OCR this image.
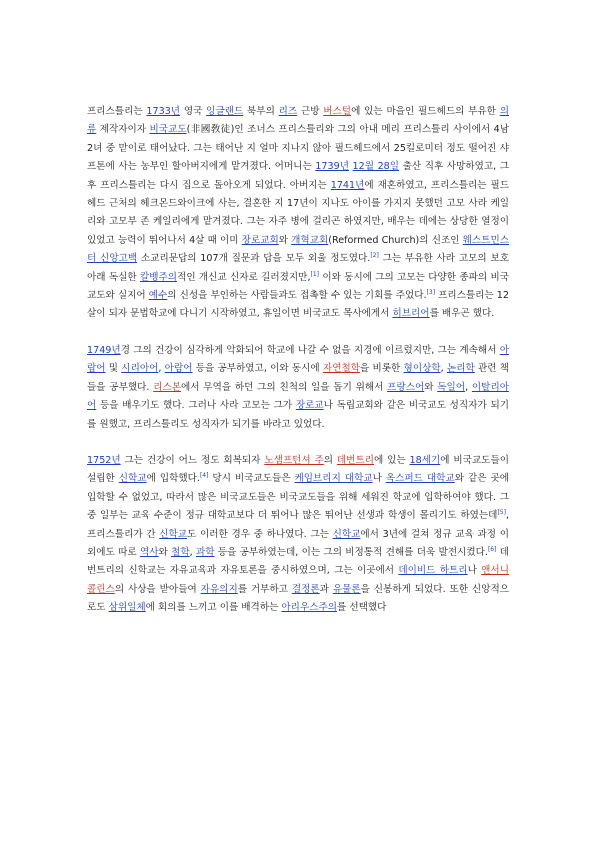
프리스틀리는 1733년 영국 잉글랜드 북부의 리즈 근방 버스털에 있는 마을인 필드헤드의 부유한 의류 제작자이자 비국교도(非國敎徒)인 조너스 프리스틀리와 그의 아내 메리 프리스틀리 사이에서 4남 2녀 중 맏이로 태어났다. 그는 태어난 지 얼마 지나지 않아 필드헤드에서 25킬로미터 정도 떨어진 샤프톤에 사는 농부인 할아버지에게 맡겨졌다. 어머니는 1739년 12월 28일 출산 직후 사망하였고, 그 후 프리스틀리는 다시 집으로 돌아오게 되었다. 아버지는 1741년에 재혼하였고, 프리스틀리는 필드헤드 근처의 헤크몬드와이크에 사는, 결혼한 지 17년이 지나도 아이를 가지지 못했던 고모 사라 케일리와 고모부 존 케일리에게 맡겨졌다. 그는 자주 병에 걸리곤 하였지만, 배우는 데에는 상당한 열정이 있었고 능력이 뛰어나서 4살 때 이미 장로교회와 개혁교회(Reformed Church)의 신조인 웨스트민스터 신앙고백 소교리문답의 107개 질문과 답을 모두 외울 정도였다.[2] 그는 부유한 사라 고모의 보호 아래 독실한 칼뱅주의적인 개신교 신자로 길러졌지만,[1] 이와 동시에 그의 고모는 다양한 종파의 비국교도와 실지어 예수의 신성을 부인하는 사람들과도 접촉할 수 있는 기회를 주었다.[3] 프리스틀리는 12살이 되자 문법학교에 다니기 시작하였고, 휴일이면 비국교도 목사에게서 히브리어를 배우곤 했다.

1749년경 그의 건강이 심각하게 악화되어 학교에 나갈 수 없을 지경에 이르렀지만, 그는 계속해서 아랍어 및 시리아어, 아람어 등을 공부하였고, 이와 동시에 자연철학을 비롯한 형이상학, 논리학 관련 책들을 공부했다. 리스본에서 무역을 하던 그의 친척의 일을 돕기 위해서 프랑스어와 독일어, 이탈리아어 등을 배우기도 했다. 그러나 사라 고모는 그가 장로교나 독립교회와 같은 비국교도 성직자가 되기를 원했고, 프리스틀리도 성직자가 되기를 바라고 있었다.

1752년 그는 건강이 어느 정도 회복되자 노샘프턴셔 주의 데번트리에 있는 18세기에 비국교도들이 설립한 신학교에 입학했다.[4] 당시 비국교도들은 케임브리지 대학교나 옥스퍼드 대학교와 같은 곳에 입학할 수 없었고, 따라서 많은 비국교도들은 비국교도들을 위해 세워진 학교에 입학하여야 했다. 그 중 일부는 교육 수준이 정규 대학교보다 더 뛰어나 많은 뛰어난 선생과 학생이 몰리기도 하였는데[5], 프리스틀리가 간 신학교도 이러한 경우 중 하나였다. 그는 신학교에서 3년에 걸쳐 정규 교육 과정 이외에도 따로 역사와 철학, 과학 등을 공부하였는데, 이는 그의 비정통적 견해를 더욱 발전시켰다.[6] 데번트리의 신학교는 자유교육과 자유토론을 중시하였으며, 그는 이곳에서 데이비드 하트리나 앤서니 콜린스의 사상을 받아들여 자유의지를 거부하고 결정론과 유물론을 신봉하게 되었다. 또한 신앙적으로도 삼위일체에 회의를 느끼고 이를 배격하는 아리우스주의를 선택했다
